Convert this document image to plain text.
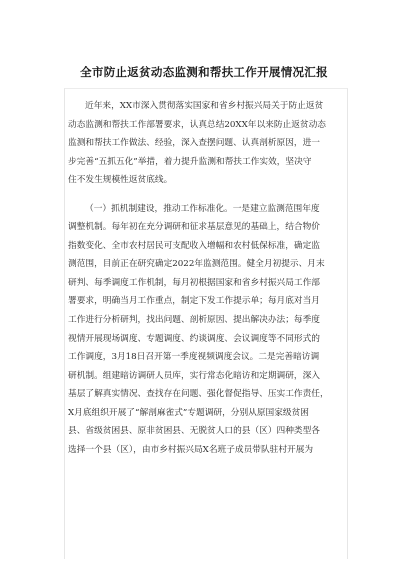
全市防止返贫动态监测和帮扶工作开展情况汇报
近年来，XX市深入贯彻落实国家和省乡村振兴局关于防止返贫
动态监测和帮扶工作部署要求，认真总结20XX年以来防止返贫动态
监测和帮扶工作做法、经验，深入查摆问题、认真剖析原因，进一
步完善“五抓五化”举措，着力提升监测和帮扶工作实效，坚决守
住不发生规模性返贫底线。
（一）抓机制建设，推动工作标准化。一是建立监测范围年度
调整机制。每年初在充分调研和征求基层意见的基础上，结合物价
指数变化、全市农村居民可支配收入增幅和农村低保标准，确定监
测范围，目前正在研究确定2022年监测范围。健全月初提示、月末
研判、每季调度工作机制，每月初根据国家和省乡村振兴局工作部
署要求，明确当月工作重点，制定下发工作提示单；每月底对当月
工作进行分析研判，找出问题、剖析原因、提出解决办法；每季度
视情开展现场调度、专题调度、约谈调度、会议调度等不同形式的
工作调度，3月18日召开第一季度视频调度会议。二是完善暗访调
研机制。组建暗访调研人员库，实行常态化暗访和定期调研，深入
基层了解真实情况、查找存在问题、强化督促指导、压实工作责任，
X月底组织开展了“解剖麻雀式”专题调研，分别从原国家级贫困
县、省级贫困县、原非贫困县、无脱贫人口的县（区）四种类型各
选择一个县（区），由市乡村振兴局X名班子成员带队驻村开展为
